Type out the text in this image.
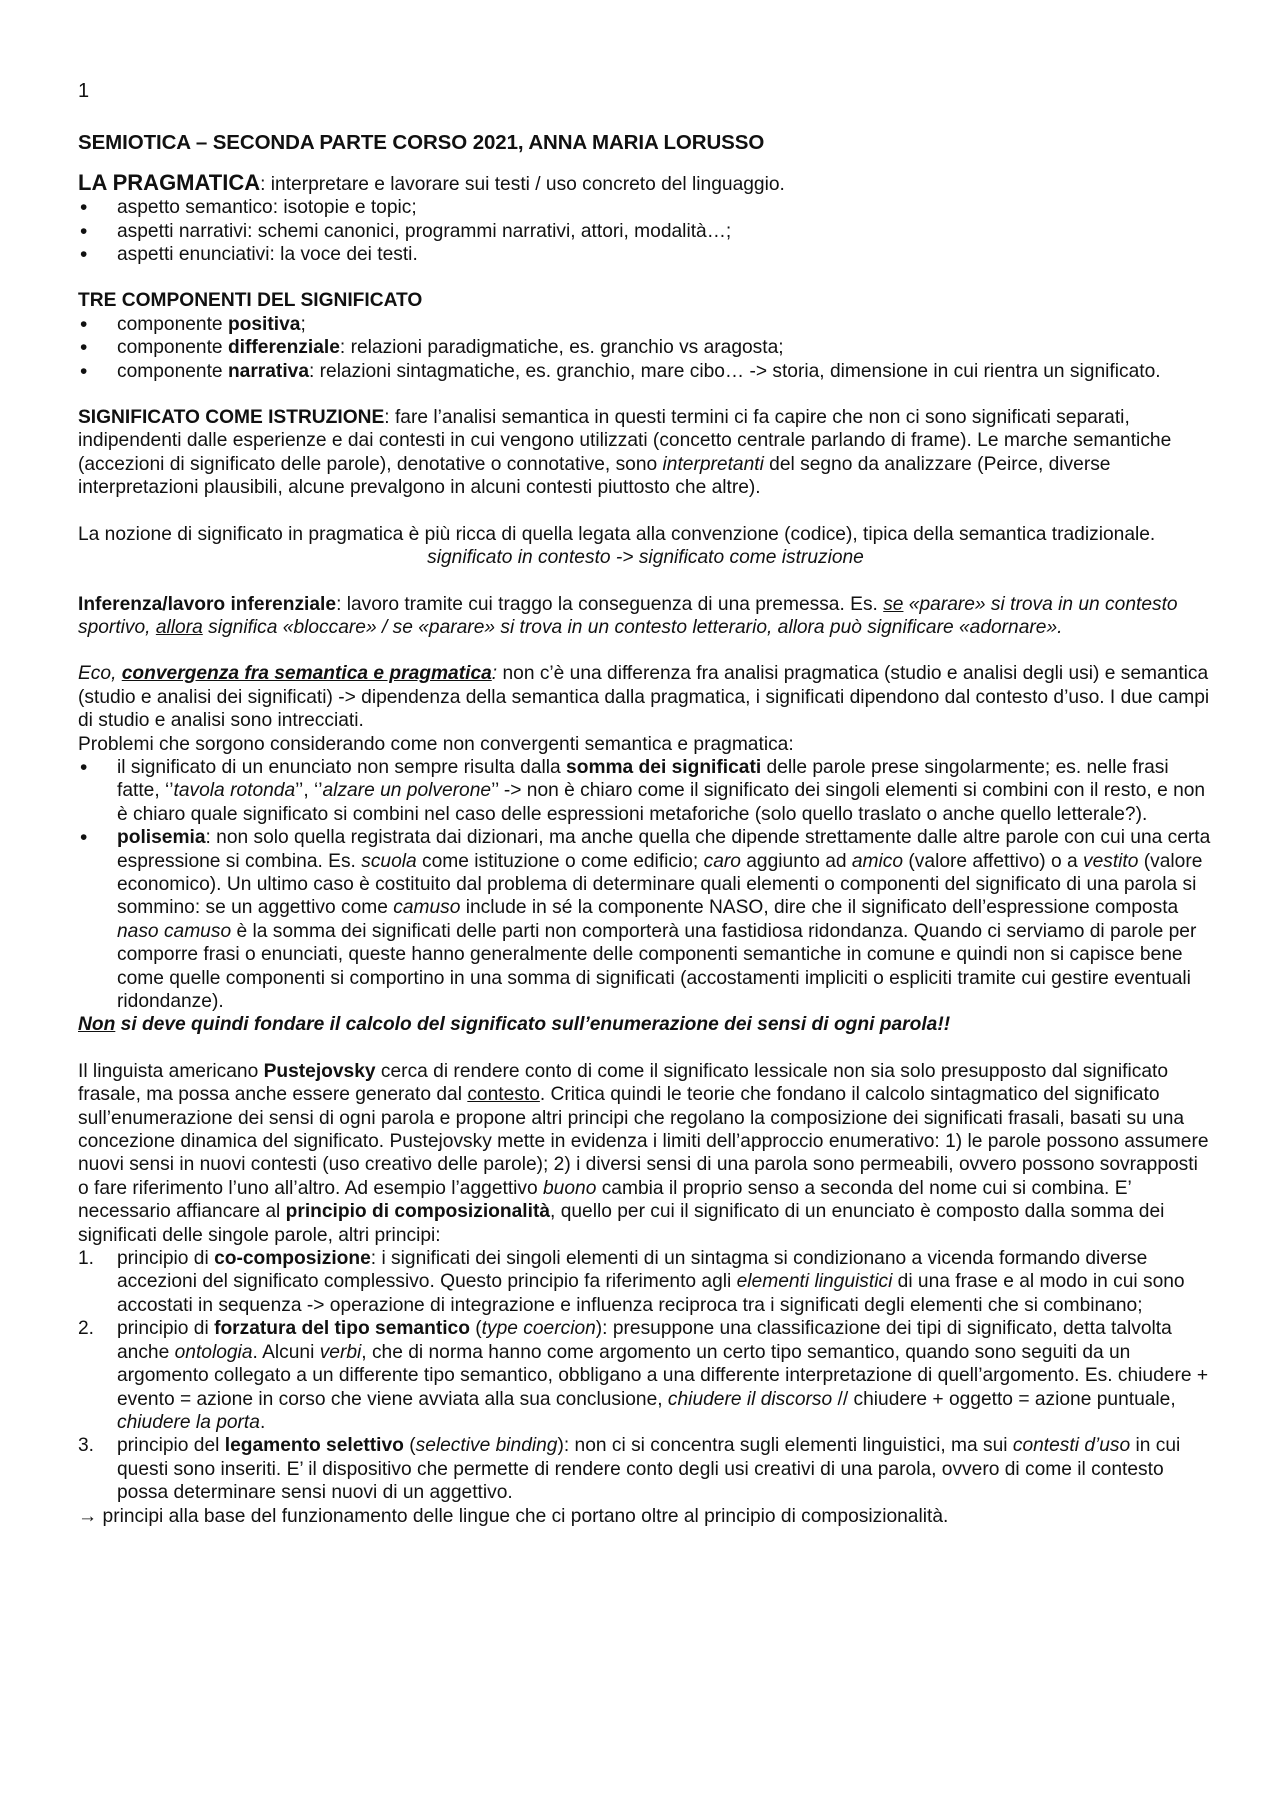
1
SEMIOTICA – SECONDA PARTE CORSO 2021, ANNA MARIA LORUSSO

LA PRAGMATICA: interpretare e lavorare sui testi / uso concreto del linguaggio.

• aspetto semantico: isotopie e topic;
• aspetti narrativi: schemi canonici, programmi narrativi, attori, modalità…;
• aspetti enunciativi: la voce dei testi.

TRE COMPONENTI DEL SIGNIFICATO

• componente positiva;
• componente differenziale: relazioni paradigmatiche, es. granchio vs aragosta;
• componente narrativa: relazioni sintagmatiche, es. granchio, mare cibo… -> storia, dimensione in cui rientra un significato.

SIGNIFICATO COME ISTRUZIONE: fare l’analisi semantica in questi termini ci fa capire che non ci sono significati separati, indipendenti dalle esperienze e dai contesti in cui vengono utilizzati (concetto centrale parlando di frame). Le marche semantiche (accezioni di significato delle parole), denotative o connotative, sono interpretanti del segno da analizzare (Peirce, diverse interpretazioni plausibili, alcune prevalgono in alcuni contesti piuttosto che altre).

La nozione di significato in pragmatica è più ricca di quella legata alla convenzione (codice), tipica della semantica tradizionale.

significato in contesto -> significato come istruzione

Inferenza/lavoro inferenziale: lavoro tramite cui traggo la conseguenza di una premessa. Es. se «parare» si trova in un contesto sportivo, allora significa «bloccare» / se «parare» si trova in un contesto letterario, allora può significare «adornare».

Eco, convergenza fra semantica e pragmatica: non c’è una differenza fra analisi pragmatica (studio e analisi degli usi) e semantica (studio e analisi dei significati) -> dipendenza della semantica dalla pragmatica, i significati dipendono dal contesto d’uso. I due campi di studio e analisi sono intrecciati.

Problemi che sorgono considerando come non convergenti semantica e pragmatica:

• il significato di un enunciato non sempre risulta dalla somma dei significati delle parole prese singolarmente; es. nelle frasi fatte, ‘’tavola rotonda’’, ‘’alzare un polverone’’ -> non è chiaro come il significato dei singoli elementi si combini con il resto, e non è chiaro quale significato si combini nel caso delle espressioni metaforiche (solo quello traslato o anche quello letterale?).
• polisemia: non solo quella registrata dai dizionari, ma anche quella che dipende strettamente dalle altre parole con cui una certa espressione si combina. Es. scuola come istituzione o come edificio; caro aggiunto ad amico (valore affettivo) o a vestito (valore economico). Un ultimo caso è costituito dal problema di determinare quali elementi o componenti del significato di una parola si sommino: se un aggettivo come camuso include in sé la componente NASO, dire che il significato dell’espressione composta naso camuso è la somma dei significati delle parti non comporterà una fastidiosa ridondanza. Quando ci serviamo di parole per comporre frasi o enunciati, queste hanno generalmente delle componenti semantiche in comune e quindi non si capisce bene come quelle componenti si comportino in una somma di significati (accostamenti impliciti o espliciti tramite cui gestire eventuali ridondanze).

Non si deve quindi fondare il calcolo del significato sull’enumerazione dei sensi di ogni parola!!

Il linguista americano Pustejovsky cerca di rendere conto di come il significato lessicale non sia solo presupposto dal significato frasale, ma possa anche essere generato dal contesto. Critica quindi le teorie che fondano il calcolo sintagmatico del significato sull’enumerazione dei sensi di ogni parola e propone altri principi che regolano la composizione dei significati frasali, basati su una concezione dinamica del significato. Pustejovsky mette in evidenza i limiti dell’approccio enumerativo: 1) le parole possono assumere nuovi sensi in nuovi contesti (uso creativo delle parole); 2) i diversi sensi di una parola sono permeabili, ovvero possono sovrapposti o fare riferimento l’uno all’altro. Ad esempio l’aggettivo buono cambia il proprio senso a seconda del nome cui si combina. E’ necessario affiancare al principio di composizionalità, quello per cui il significato di un enunciato è composto dalla somma dei significati delle singole parole, altri principi:

1. principio di co-composizione: i significati dei singoli elementi di un sintagma si condizionano a vicenda formando diverse accezioni del significato complessivo. Questo principio fa riferimento agli elementi linguistici di una frase e al modo in cui sono accostati in sequenza -> operazione di integrazione e influenza reciproca tra i significati degli elementi che si combinano;
2. principio di forzatura del tipo semantico (type coercion): presuppone una classificazione dei tipi di significato, detta talvolta anche ontologia. Alcuni verbi, che di norma hanno come argomento un certo tipo semantico, quando sono seguiti da un argomento collegato a un differente tipo semantico, obbligano a una differente interpretazione di quell’argomento. Es. chiudere + evento = azione in corso che viene avviata alla sua conclusione, chiudere il discorso // chiudere + oggetto = azione puntuale, chiudere la porta.
3. principio del legamento selettivo (selective binding): non ci si concentra sugli elementi linguistici, ma sui contesti d’uso in cui questi sono inseriti. E’ il dispositivo che permette di rendere conto degli usi creativi di una parola, ovvero di come il contesto possa determinare sensi nuovi di un aggettivo.

→ principi alla base del funzionamento delle lingue che ci portano oltre al principio di composizionalità.
